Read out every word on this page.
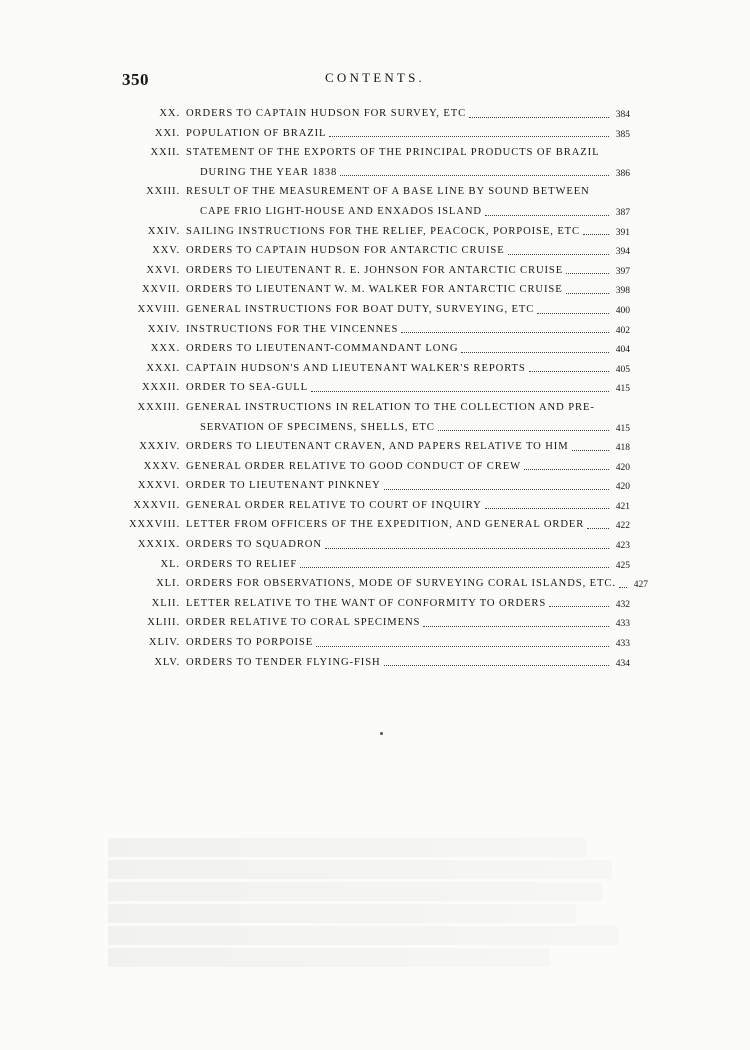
350	CONTENTS.
XX. ORDERS TO CAPTAIN HUDSON FOR SURVEY, ETC	384
XXI. POPULATION OF BRAZIL	385
XXII. STATEMENT OF THE EXPORTS OF THE PRINCIPAL PRODUCTS OF BRAZIL
DURING THE YEAR 1838	386
XXIII. RESULT OF THE MEASUREMENT OF A BASE LINE BY SOUND BETWEEN
CAPE FRIO LIGHT-HOUSE AND ENXADOS ISLAND	387
XXIV. SAILING INSTRUCTIONS FOR THE RELIEF, PEACOCK, PORPOISE, ETC	391
XXV. ORDERS TO CAPTAIN HUDSON FOR ANTARCTIC CRUISE	394
XXVI. ORDERS TO LIEUTENANT R. E. JOHNSON FOR ANTARCTIC CRUISE	397
XXVII. ORDERS TO LIEUTENANT W. M. WALKER FOR ANTARCTIC CRUISE	398
XXVIII. GENERAL INSTRUCTIONS FOR BOAT DUTY, SURVEYING, ETC	400
XXIV. INSTRUCTIONS FOR THE VINCENNES	402
XXX. ORDERS TO LIEUTENANT-COMMANDANT LONG	404
XXXI. CAPTAIN HUDSON'S AND LIEUTENANT WALKER'S REPORTS	405
XXXII. ORDER TO SEA-GULL	415
XXXIII. GENERAL INSTRUCTIONS IN RELATION TO THE COLLECTION AND PRE-
SERVATION OF SPECIMENS, SHELLS, ETC	415
XXXIV. ORDERS TO LIEUTENANT CRAVEN, AND PAPERS RELATIVE TO HIM	418
XXXV. GENERAL ORDER RELATIVE TO GOOD CONDUCT OF CREW	420
XXXVI. ORDER TO LIEUTENANT PINKNEY	420
XXXVII. GENERAL ORDER RELATIVE TO COURT OF INQUIRY	421
XXXVIII. LETTER FROM OFFICERS OF THE EXPEDITION, AND GENERAL ORDER	422
XXXIX. ORDERS TO SQUADRON	423
XL. ORDERS TO RELIEF	425
XLI. ORDERS FOR OBSERVATIONS, MODE OF SURVEYING CORAL ISLANDS, ETC.	427
XLII. LETTER RELATIVE TO THE WANT OF CONFORMITY TO ORDERS	432
XLIII. ORDER RELATIVE TO CORAL SPECIMENS	433
XLIV. ORDERS TO PORPOISE	433
XLV. ORDERS TO TENDER FLYING-FISH	434
